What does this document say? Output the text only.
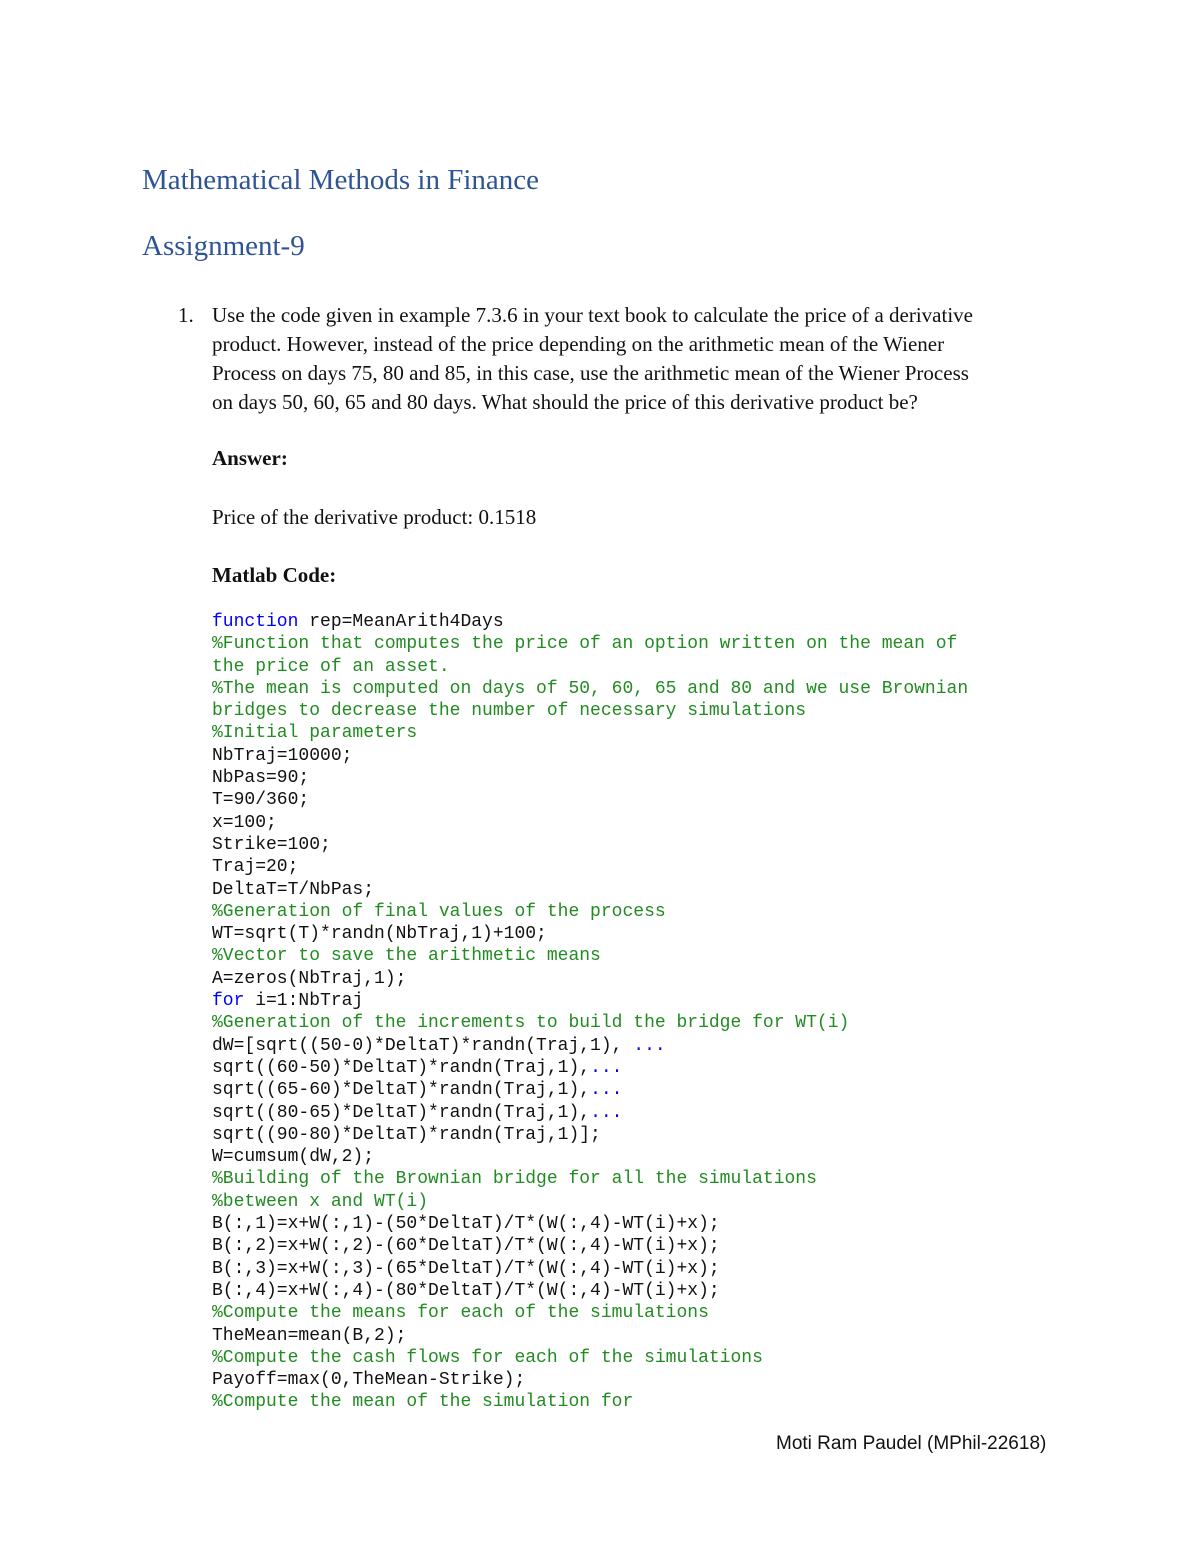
Mathematical Methods in Finance
Assignment-9
1. Use the code given in example 7.3.6 in your text book to calculate the price of a derivative
product. However, instead of the price depending on the arithmetic mean of the Wiener
Process on days 75, 80 and 85, in this case, use the arithmetic mean of the Wiener Process
on days 50, 60, 65 and 80 days. What should the price of this derivative product be?
Answer:
Price of the derivative product: 0.1518
Matlab Code:
function rep=MeanArith4Days
%Function that computes the price of an option written on the mean of
the price of an asset.
%The mean is computed on days of 50, 60, 65 and 80 and we use Brownian
bridges to decrease the number of necessary simulations
%Initial parameters
NbTraj=10000;
NbPas=90;
T=90/360;
x=100;
Strike=100;
Traj=20;
DeltaT=T/NbPas;
%Generation of final values of the process
WT=sqrt(T)*randn(NbTraj,1)+100;
%Vector to save the arithmetic means
A=zeros(NbTraj,1);
for i=1:NbTraj
%Generation of the increments to build the bridge for WT(i)
dW=[sqrt((50-0)*DeltaT)*randn(Traj,1), ...
sqrt((60-50)*DeltaT)*randn(Traj,1),...
sqrt((65-60)*DeltaT)*randn(Traj,1),...
sqrt((80-65)*DeltaT)*randn(Traj,1),...
sqrt((90-80)*DeltaT)*randn(Traj,1)];
W=cumsum(dW,2);
%Building of the Brownian bridge for all the simulations
%between x and WT(i)
B(:,1)=x+W(:,1)-(50*DeltaT)/T*(W(:,4)-WT(i)+x);
B(:,2)=x+W(:,2)-(60*DeltaT)/T*(W(:,4)-WT(i)+x);
B(:,3)=x+W(:,3)-(65*DeltaT)/T*(W(:,4)-WT(i)+x);
B(:,4)=x+W(:,4)-(80*DeltaT)/T*(W(:,4)-WT(i)+x);
%Compute the means for each of the simulations
TheMean=mean(B,2);
%Compute the cash flows for each of the simulations
Payoff=max(0,TheMean-Strike);
%Compute the mean of the simulation for
Moti Ram Paudel (MPhil-22618)
